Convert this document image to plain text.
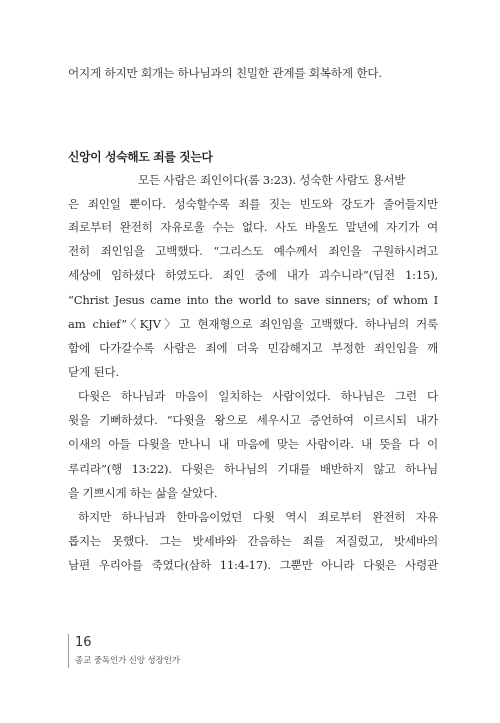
어지게 하지만 회개는 하나님과의 친밀한 관계를 회복하게 한다.
신앙이 성숙해도 죄를 짓는다
모든 사람은 죄인이다(롬 3:23). 성숙한 사람도 용서받
은 죄인일 뿐이다. 성숙할수록 죄를 짓는 빈도와 강도가 줄어들지만
죄로부터 완전히 자유로울 수는 없다. 사도 바울도 말년에 자기가 여
전히 죄인임을 고백했다. “그리스도 예수께서 죄인을 구원하시려고
세상에 임하셨다 하였도다. 죄인 중에 내가 괴수니라”(딤전 1:15),
“Christ Jesus came into the world to save sinners; of whom I
am chief”〈KJV〉고 현재형으로 죄인임을 고백했다. 하나님의 거룩
함에 다가갈수록 사람은 죄에 더욱 민감해지고 부정한 죄인임을 깨
닫게 된다.
다윗은 하나님과 마음이 일치하는 사람이었다. 하나님은 그런 다
윗을 기뻐하셨다. “다윗을 왕으로 세우시고 증언하여 이르시되 내가
이새의 아들 다윗을 만나니 내 마음에 맞는 사람이라. 내 뜻을 다 이
루리라”(행 13:22). 다윗은 하나님의 기대를 배반하지 않고 하나님
을 기쁘시게 하는 삶을 살았다.
하지만 하나님과 한마음이었던 다윗 역시 죄로부터 완전히 자유
롭지는 못했다. 그는 밧세바와 간음하는 죄를 저질렀고, 밧세바의
남편 우리아를 죽였다(삼하 11:4-17). 그뿐만 아니라 다윗은 사령관
16
종교 중독인가 신앙 성장인가
